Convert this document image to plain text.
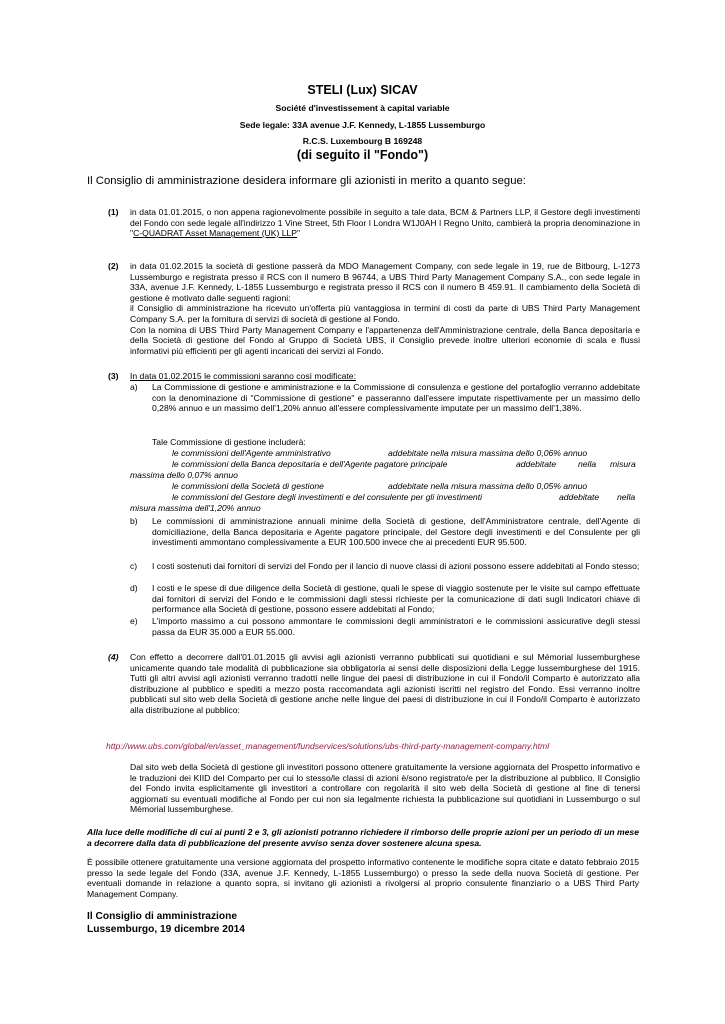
STELI (Lux) SICAV
Société d'investissement à capital variable
Sede legale: 33A avenue J.F. Kennedy, L-1855 Lussemburgo
R.C.S. Luxembourg B 169248
(di seguito il "Fondo")
Il Consiglio di amministrazione desidera informare gli azionisti in merito a quanto segue:
(1) in data 01.01.2015, o non appena ragionevolmente possibile in seguito a tale data, BCM & Partners LLP, il Gestore degli investimenti del Fondo con sede legale all'indirizzo 1 Vine Street, 5th Floor ǀ Londra W1J0AH ǀ Regno Unito, cambierà la propria denominazione in "C-QUADRAT Asset Management (UK) LLP"
(2) in data 01.02.2015 la società di gestione passerà da MDO Management Company, con sede legale in 19, rue de Bitbourg, L-1273 Lussemburgo e registrata presso il RCS con il numero B 96744, a UBS Third Party Management Company S.A., con sede legale in 33A, avenue J.F. Kennedy, L-1855 Lussemburgo e registrata presso il RCS con il numero B 459.91. Il cambiamento della Società di gestione è motivato dalle seguenti ragioni:

il Consiglio di amministrazione ha ricevuto un'offerta più vantaggiosa in termini di costi da parte di UBS Third Party Management Company S.A. per la fornitura di servizi di società di gestione al Fondo.

Con la nomina di UBS Third Party Management Company e l'appartenenza dell'Amministrazione centrale, della Banca depositaria e della Società di gestione del Fondo al Gruppo di Società UBS, il Consiglio prevede inoltre ulteriori economie di scala e flussi informativi più efficienti per gli agenti incaricati dei servizi al Fondo.

(3) In data 01.02.2015 le commissioni saranno così modificate:
a)	La Commissione di gestione e amministrazione e la Commissione di consulenza e gestione del portafoglio verranno addebitate con la denominazione di "Commissione di gestione" e passeranno dall'essere imputate rispettivamente per un massimo dello 0,28% annuo e un massimo dell'1,20% annuo all'essere complessivamente imputate per un massimo dell'1,38%.
Tale Commissione di gestione includerà:
le commissioni dell'Agente amministrativo	addebitate nella misura massima dello 0,06% annuo
le commissioni della Banca depositaria e dell'Agente pagatore principale	addebitate	nella misura
massima dello 0,07% annuo
le commissioni della Società di gestione	addebitate nella misura massima dello 0,05% annuo
le commissioni del Gestore degli investimenti e del consulente per gli investimenti	addebitate nella
misura massima dell'1,20% annuo
b)	Le commissioni di amministrazione annuali minime della Società di gestione, dell'Amministratore centrale, dell'Agente di domiciliazione, della Banca depositaria e Agente pagatore principale, del Gestore degli investimenti e del Consulente per gli investimenti ammontano complessivamente a EUR 100.500 invece che ai precedenti EUR 95.500.
c)	I costi sostenuti dai fornitori di servizi del Fondo per il lancio di nuove classi di azioni possono essere addebitati al Fondo stesso;
d)	I costi e le spese di due diligence della Società di gestione, quali le spese di viaggio sostenute per le visite sul campo effettuate dai fornitori di servizi del Fondo e le commissioni dagli stessi richieste per la comunicazione di dati sugli Indicatori chiave di performance alla Società di gestione, possono essere addebitati al Fondo;
e)	L'importo massimo a cui possono ammontare le commissioni degli amministratori e le commissioni assicurative degli stessi passa da EUR 35.000 a EUR 55.000.
(4) Con effetto a decorrere dall'01.01.2015 gli avvisi agli azionisti verranno pubblicati sui quotidiani e sul Mémorial lussemburghese unicamente quando tale modalità di pubblicazione sia obbligatoria ai sensi delle disposizioni della Legge lussemburghese del 1915. Tutti gli altri avvisi agli azionisti verranno tradotti nelle lingue dei paesi di distribuzione in cui il Fondo/il Comparto è autorizzato alla distribuzione al pubblico e spediti a mezzo posta raccomandata agli azionisti iscritti nel registro del Fondo. Essi verranno inoltre pubblicati sul sito web della Società di gestione anche nelle lingue dei paesi di distribuzione in cui il Fondo/il Comparto è autorizzato alla distribuzione al pubblico:
http://www.ubs.com/global/en/asset_management/fundservices/solutions/ubs-third-party-management-company.html
Dal sito web della Società di gestione gli investitori possono ottenere gratuitamente la versione aggiornata del Prospetto informativo e le traduzioni dei KIID del Comparto per cui lo stesso/le classi di azioni è/sono registrato/e per la distribuzione al pubblico. Il Consiglio del Fondo invita esplicitamente gli investitori a controllare con regolarità il sito web della Società di gestione al fine di tenersi aggiornati su eventuali modifiche al Fondo per cui non sia legalmente richiesta la pubblicazione sui quotidiani in Lussemburgo o sul Mémorial lussemburghese.
Alla luce delle modifiche di cui ai punti 2 e 3, gli azionisti potranno richiedere il rimborso delle proprie azioni per un periodo di un mese a decorrere dalla data di pubblicazione del presente avviso senza dover sostenere alcuna spesa.
È possibile ottenere gratuitamente una versione aggiornata del prospetto informativo contenente le modifiche sopra citate e datato febbraio 2015 presso la sede legale del Fondo (33A, avenue J.F. Kennedy, L-1855 Lussemburgo) o presso la sede della nuova Società di gestione. Per eventuali domande in relazione a quanto sopra, si invitano gli azionisti a rivolgersi al proprio consulente finanziario o a UBS Third Party Management Company.
Il Consiglio di amministrazione
Lussemburgo, 19 dicembre 2014
